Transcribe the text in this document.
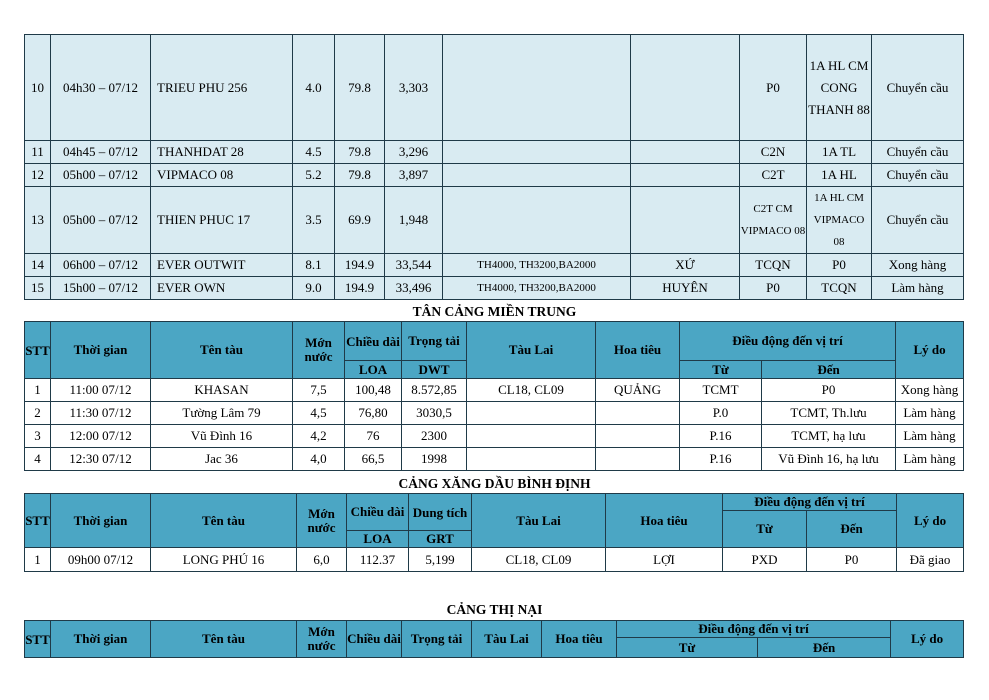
10	04h30 – 07/12	TRIEU PHU 256	4.0	79.8	3,303			P0	1A HL CM CONG THANH 88	Chuyển cầu
11	04h45 – 07/12	THANHDAT 28	4.5	79.8	3,296			C2N	1A TL	Chuyển cầu
12	05h00 – 07/12	VIPMACO 08	5.2	79.8	3,897			C2T	1A HL	Chuyển cầu
13	05h00 – 07/12	THIEN PHUC 17	3.5	69.9	1,948			C2T CM VIPMACO 08	1A HL CM VIPMACO 08	Chuyển cầu
14	06h00 – 07/12	EVER OUTWIT	8.1	194.9	33,544	TH4000, TH3200,BA2000	XỨ	TCQN	P0	Xong hàng
15	15h00 – 07/12	EVER OWN	9.0	194.9	33,496	TH4000, TH3200,BA2000	HUYÊN	P0	TCQN	Làm hàng
TÂN CẢNG MIỀN TRUNG
STT	Thời gian	Tên tàu	Mớn nước	Chiều dài	Trọng tải	Tàu Lai	Hoa tiêu	Điều động đến vị trí		Lý do
				LOA	DWT			Từ	Đến	
1	11:00 07/12	KHASAN	7,5	100,48	8.572,85	CL18, CL09	QUẢNG	TCMT	P0	Xong hàng
2	11:30 07/12	Tường Lâm 79	4,5	76,80	3030,5			P.0	TCMT, Th.lưu	Làm hàng
3	12:00 07/12	Vũ Đình 16	4,2	76	2300			P.16	TCMT, hạ lưu	Làm hàng
4	12:30 07/12	Jac 36	4,0	66,5	1998			P.16	Vũ Đình 16, hạ lưu	Làm hàng
CẢNG XĂNG DẦU BÌNH ĐỊNH
STT	Thời gian	Tên tàu	Mớn nước	Chiều dài	Dung tích	Tàu Lai	Hoa tiêu	Điều động đến vị trí		Lý do
								Từ	Đến	
				LOA	GRT					
1	09h00 07/12	LONG PHÚ 16	6,0	112.37	5,199	CL18, CL09	LỢI	PXD	P0	Đã giao
CẢNG THỊ NẠI
STT	Thời gian	Tên tàu	Mớn nước	Chiều dài	Trọng tải	Tàu Lai	Hoa tiêu	Điều động đến vị trí		Lý do
								Từ	Đến	
